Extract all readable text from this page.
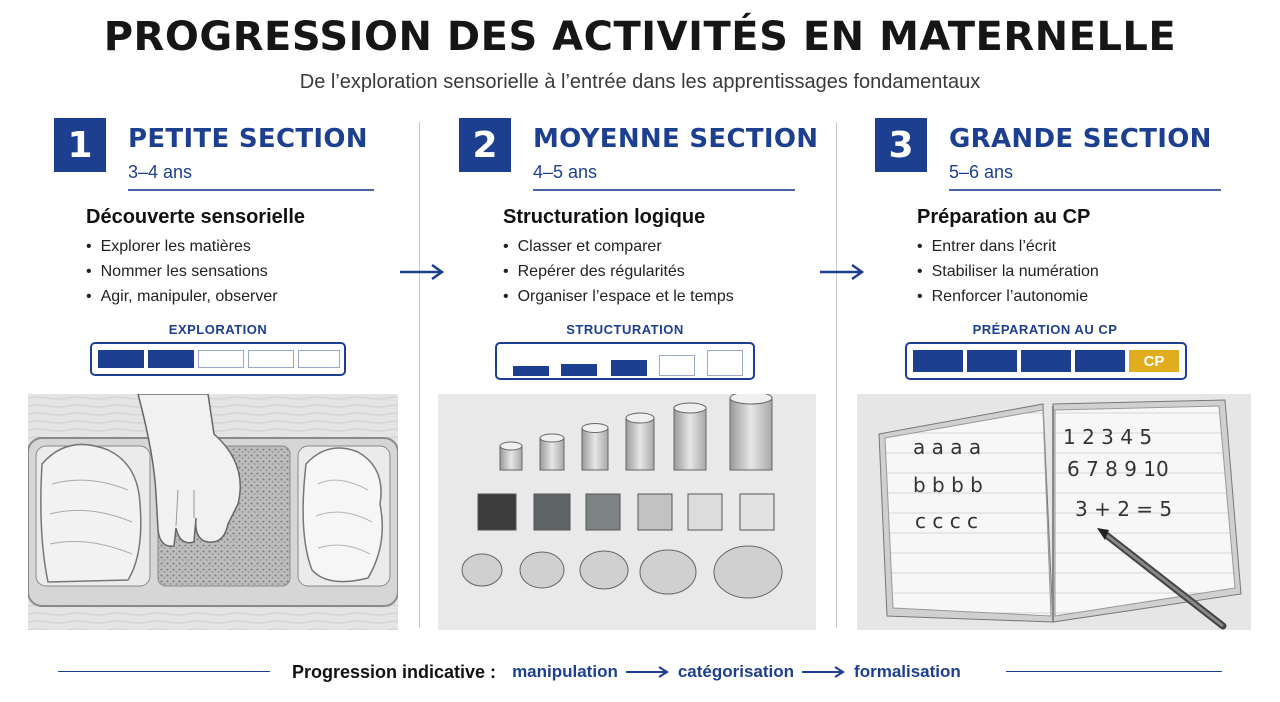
PROGRESSION DES ACTIVITÉS EN MATERNELLE
De l’exploration sensorielle à l’entrée dans les apprentissages fondamentaux
1	PETITE SECTION
3–4 ans
Découverte sensorielle
• Explorer les matières
• Nommer les sensations
• Agir, manipuler, observer
EXPLORATION
2	MOYENNE SECTION
4–5 ans
Structuration logique
• Classer et comparer
• Repérer des régularités
• Organiser l’espace et le temps
STRUCTURATION
3	GRANDE SECTION
5–6 ans
Préparation au CP
• Entrer dans l’écrit
• Stabiliser la numération
• Renforcer l’autonomie
PRÉPARATION AU CP
CP
a a a a
b b b b
c c c c
1 2 3 4 5
6 7 8 9 10
3 + 2 = 5
Progression indicative : manipulation	catégorisation	formalisation
